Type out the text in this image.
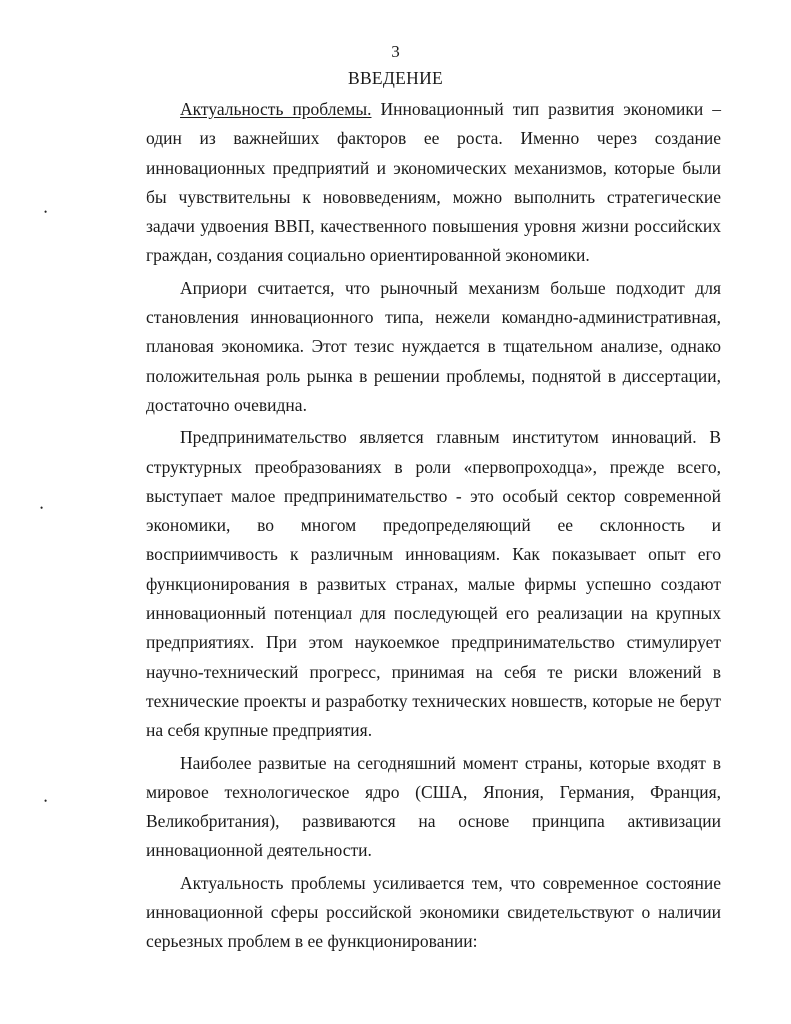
3
ВВЕДЕНИЕ

Актуальность проблемы. Инновационный тип развития экономики – один из важнейших факторов ее роста. Именно через создание инновационных предприятий и экономических механизмов, которые были бы чувствительны к нововведениям, можно выполнить стратегические задачи удвоения ВВП, качественного повышения уровня жизни российских граждан, создания социально ориентированной экономики.

Априори считается, что рыночный механизм больше подходит для становления инновационного типа, нежели командно-административная, плановая экономика. Этот тезис нуждается в тщательном анализе, однако положительная роль рынка в решении проблемы, поднятой в диссертации, достаточно очевидна.

Предпринимательство является главным институтом инноваций. В структурных преобразованиях в роли «первопроходца», прежде всего, выступает малое предпринимательство - это особый сектор современной экономики, во многом предопределяющий ее склонность и восприимчивость к различным инновациям. Как показывает опыт его функционирования в развитых странах, малые фирмы успешно создают инновационный потенциал для последующей его реализации на крупных предприятиях. При этом наукоемкое предпринимательство стимулирует научно-технический прогресс, принимая на себя те риски вложений в технические проекты и разработку технических новшеств, которые не берут на себя крупные предприятия.

Наиболее развитые на сегодняшний момент страны, которые входят в мировое технологическое ядро (США, Япония, Германия, Франция, Великобритания), развиваются на основе принципа активизации инновационной деятельности.

Актуальность проблемы усиливается тем, что современное состояние инновационной сферы российской экономики свидетельствуют о наличии серьезных проблем в ее функционировании:

•
•
•
